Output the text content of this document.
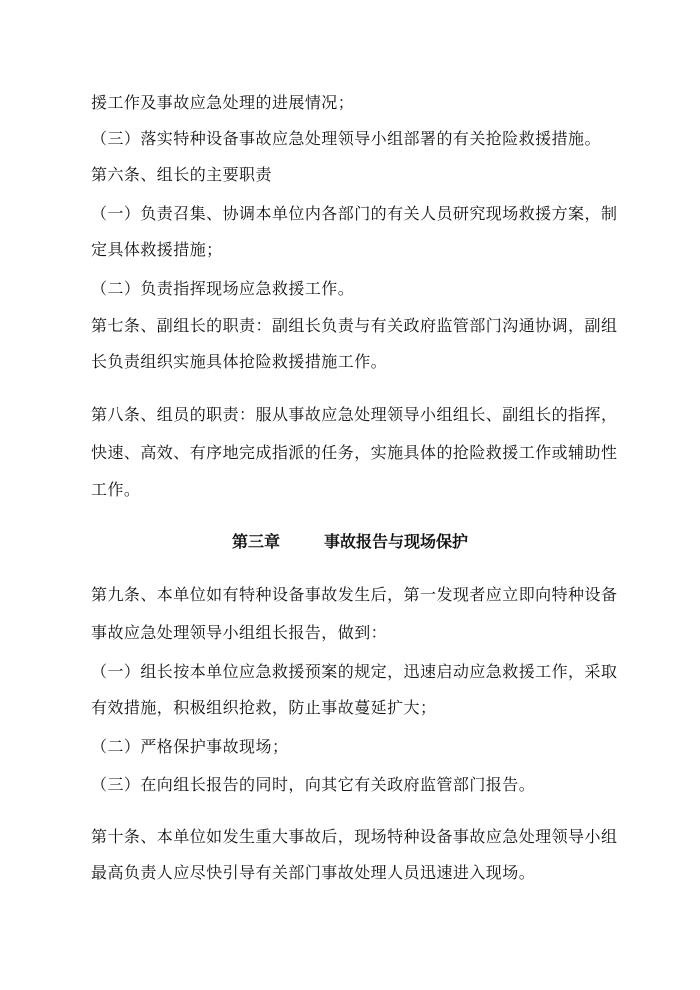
援工作及事故应急处理的进展情况；
（三）落实特种设备事故应急处理领导小组部署的有关抢险救援措施。
第六条、组长的主要职责
（一）负责召集、协调本单位内各部门的有关人员研究现场救援方案，制
定具体救援措施；
（二）负责指挥现场应急救援工作。
第七条、副组长的职责：副组长负责与有关政府监管部门沟通协调，副组
长负责组织实施具体抢险救援措施工作。
第八条、组员的职责：服从事故应急处理领导小组组长、副组长的指挥，
快速、高效、有序地完成指派的任务，实施具体的抢险救援工作或辅助性
工作。
第三章	事故报告与现场保护
第九条、本单位如有特种设备事故发生后，第一发现者应立即向特种设备
事故应急处理领导小组组长报告，做到：
（一）组长按本单位应急救援预案的规定，迅速启动应急救援工作，采取
有效措施，积极组织抢救，防止事故蔓延扩大；
（二）严格保护事故现场；
（三）在向组长报告的同时，向其它有关政府监管部门报告。
第十条、本单位如发生重大事故后，现场特种设备事故应急处理领导小组
最高负责人应尽快引导有关部门事故处理人员迅速进入现场。
